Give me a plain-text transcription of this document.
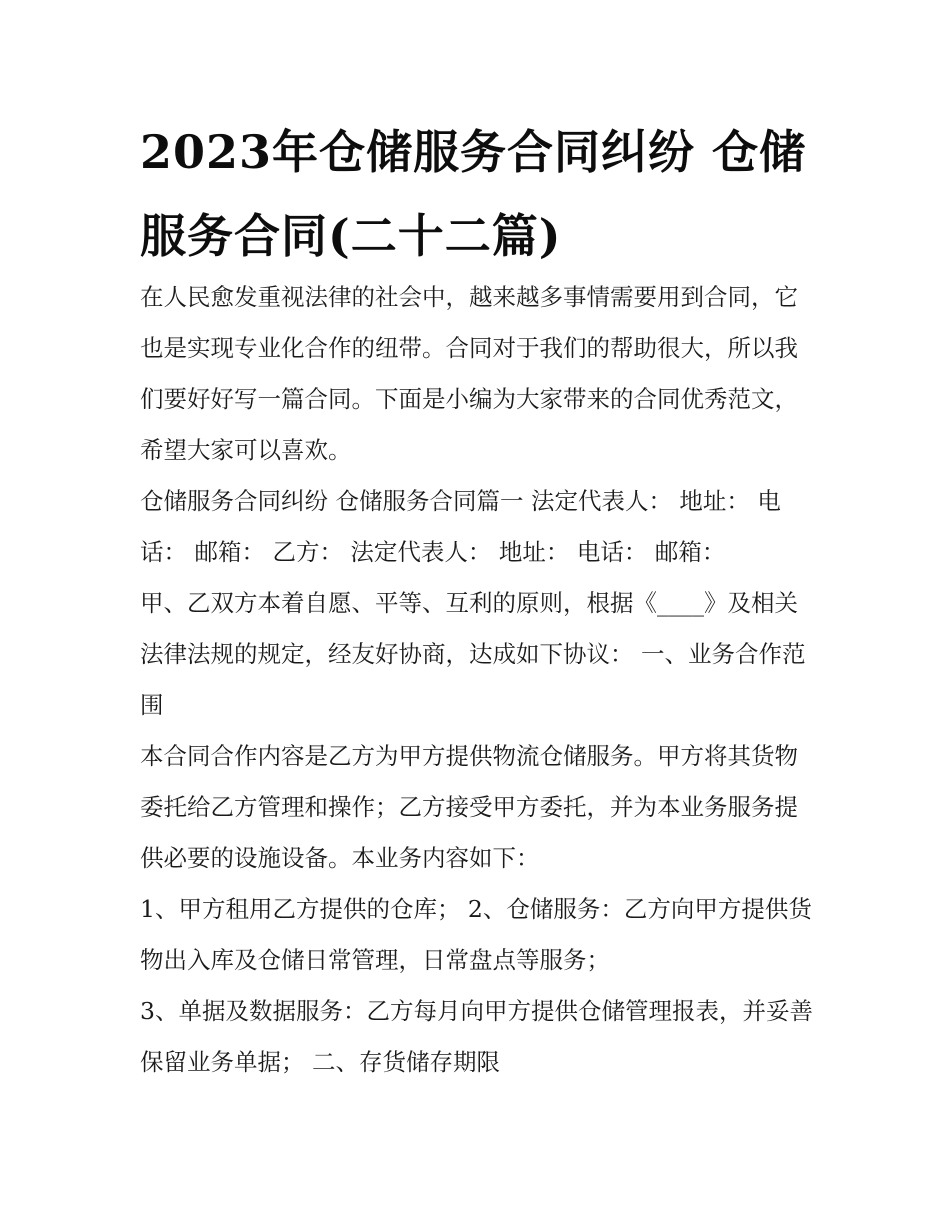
2023年仓储服务合同纠纷 仓储服务合同(二十二篇)

在人民愈发重视法律的社会中，越来越多事情需要用到合同，它也是实现专业化合作的纽带。合同对于我们的帮助很大，所以我们要好好写一篇合同。下面是小编为大家带来的合同优秀范文，希望大家可以喜欢。

仓储服务合同纠纷 仓储服务合同篇一 法定代表人： 地址： 电话： 邮箱： 乙方： 法定代表人： 地址： 电话： 邮箱：

甲、乙双方本着自愿、平等、互利的原则，根据《____》及相关法律法规的规定，经友好协商，达成如下协议： 一、业务合作范围

本合同合作内容是乙方为甲方提供物流仓储服务。甲方将其货物委托给乙方管理和操作；乙方接受甲方委托，并为本业务服务提供必要的设施设备。本业务内容如下：

1、甲方租用乙方提供的仓库； 2、仓储服务：乙方向甲方提供货物出入库及仓储日常管理，日常盘点等服务；

3、单据及数据服务：乙方每月向甲方提供仓储管理报表，并妥善保留业务单据； 二、存货储存期限
